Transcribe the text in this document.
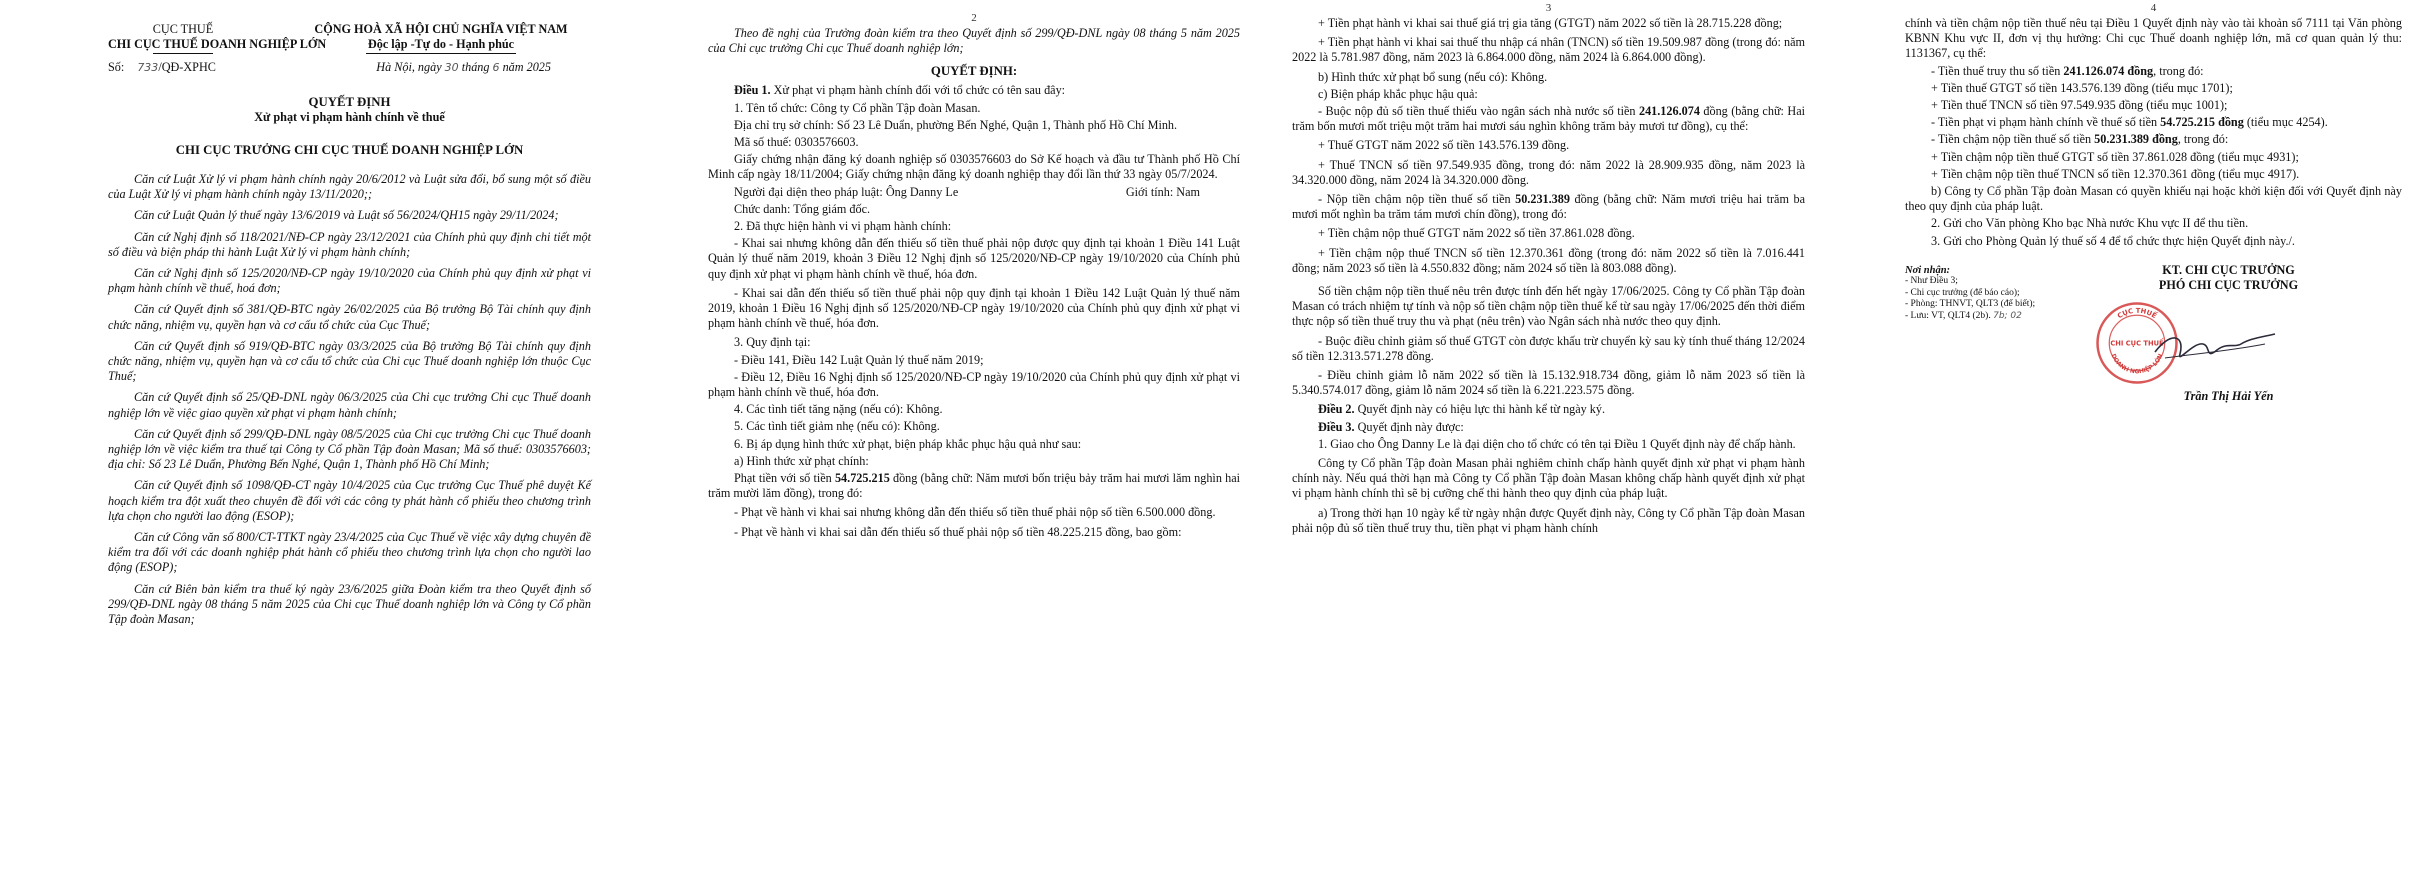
CỤC THUẾ
CHI CỤC THUẾ DOANH NGHIỆP LỚN
CỘNG HOÀ XÃ HỘI CHỦ NGHĨA VIỆT NAM
Độc lập -Tự do - Hạnh phúc
Số: 733/QĐ-XPHC	Hà Nội, ngày 30 tháng 6 năm 2025
QUYẾT ĐỊNH
Xử phạt vi phạm hành chính về thuế
CHI CỤC TRƯỞNG CHI CỤC THUẾ DOANH NGHIỆP LỚN

Căn cứ Luật Xử lý vi phạm hành chính ngày 20/6/2012 và Luật sửa đổi, bổ sung một số điều của Luật Xử lý vi phạm hành chính ngày 13/11/2020;;

Căn cứ Luật Quản lý thuế ngày 13/6/2019 và Luật số 56/2024/QH15 ngày 29/11/2024;

Căn cứ Nghị định số 118/2021/NĐ-CP ngày 23/12/2021 của Chính phủ quy định chi tiết một số điều và biện pháp thi hành Luật Xử lý vi phạm hành chính;

Căn cứ Nghị định số 125/2020/NĐ-CP ngày 19/10/2020 của Chính phủ quy định xử phạt vi phạm hành chính về thuế, hoá đơn;

Căn cứ Quyết định số 381/QĐ-BTC ngày 26/02/2025 của Bộ trưởng Bộ Tài chính quy định chức năng, nhiệm vụ, quyền hạn và cơ cấu tổ chức của Cục Thuế;

Căn cứ Quyết định số 919/QĐ-BTC ngày 03/3/2025 của Bộ trưởng Bộ Tài chính quy định chức năng, nhiệm vụ, quyền hạn và cơ cấu tổ chức của Chi cục Thuế doanh nghiệp lớn thuộc Cục Thuế;

Căn cứ Quyết định số 25/QĐ-DNL ngày 06/3/2025 của Chi cục trưởng Chi cục Thuế doanh nghiệp lớn về việc giao quyền xử phạt vi phạm hành chính;

Căn cứ Quyết định số 299/QĐ-DNL ngày 08/5/2025 của Chi cục trưởng Chi cục Thuế doanh nghiệp lớn về việc kiểm tra thuế tại Công ty Cổ phần Tập đoàn Masan; Mã số thuế: 0303576603; địa chỉ: Số 23 Lê Duẩn, Phường Bến Nghé, Quận 1, Thành phố Hồ Chí Minh;

Căn cứ Quyết định số 1098/QĐ-CT ngày 10/4/2025 của Cục trưởng Cục Thuế phê duyệt Kế hoạch kiểm tra đột xuất theo chuyên đề đối với các công ty phát hành cổ phiếu theo chương trình lựa chọn cho người lao động (ESOP);

Căn cứ Công văn số 800/CT-TTKT ngày 23/4/2025 của Cục Thuế về việc xây dựng chuyên đề kiểm tra đối với các doanh nghiệp phát hành cổ phiếu theo chương trình lựa chọn cho người lao động (ESOP);

Căn cứ Biên bản kiểm tra thuế ký ngày 23/6/2025 giữa Đoàn kiểm tra theo Quyết định số 299/QĐ-DNL ngày 08 tháng 5 năm 2025 của Chi cục Thuế doanh nghiệp lớn và Công ty Cổ phần Tập đoàn Masan;

2

Theo đề nghị của Trưởng đoàn kiểm tra theo Quyết định số 299/QĐ-DNL ngày 08 tháng 5 năm 2025 của Chi cục trưởng Chi cục Thuế doanh nghiệp lớn;

QUYẾT ĐỊNH:

Điều 1. Xử phạt vi phạm hành chính đối với tổ chức có tên sau đây:

1. Tên tổ chức: Công ty Cổ phần Tập đoàn Masan.

Địa chỉ trụ sở chính: Số 23 Lê Duẩn, phường Bến Nghé, Quận 1, Thành phố Hồ Chí Minh.

Mã số thuế: 0303576603.

Giấy chứng nhận đăng ký doanh nghiệp số 0303576603 do Sở Kế hoạch và đầu tư Thành phố Hồ Chí Minh cấp ngày 18/11/2004; Giấy chứng nhận đăng ký doanh nghiệp thay đổi lần thứ 33 ngày 05/7/2024.

Người đại diện theo pháp luật: Ông Danny Le	Giới tính: Nam

Chức danh: Tổng giám đốc.

2. Đã thực hiện hành vi vi phạm hành chính:

- Khai sai nhưng không dẫn đến thiếu số tiền thuế phải nộp được quy định tại khoản 1 Điều 141 Luật Quản lý thuế năm 2019, khoản 3 Điều 12 Nghị định số 125/2020/NĐ-CP ngày 19/10/2020 của Chính phủ quy định xử phạt vi phạm hành chính về thuế, hóa đơn.

- Khai sai dẫn đến thiếu số tiền thuế phải nộp quy định tại khoản 1 Điều 142 Luật Quản lý thuế năm 2019, khoản 1 Điều 16 Nghị định số 125/2020/NĐ-CP ngày 19/10/2020 của Chính phủ quy định xử phạt vi phạm hành chính về thuế, hóa đơn.

3. Quy định tại:

- Điều 141, Điều 142 Luật Quản lý thuế năm 2019;

- Điều 12, Điều 16 Nghị định số 125/2020/NĐ-CP ngày 19/10/2020 của Chính phủ quy định xử phạt vi phạm hành chính về thuế, hóa đơn.

4. Các tình tiết tăng nặng (nếu có): Không.

5. Các tình tiết giảm nhẹ (nếu có): Không.

6. Bị áp dụng hình thức xử phạt, biện pháp khắc phục hậu quả như sau:

a) Hình thức xử phạt chính:

Phạt tiền với số tiền 54.725.215 đồng (bằng chữ: Năm mươi bốn triệu bảy trăm hai mươi lăm nghìn hai trăm mười lăm đồng), trong đó:

- Phạt về hành vi khai sai nhưng không dẫn đến thiếu số tiền thuế phải nộp số tiền 6.500.000 đồng.

- Phạt về hành vi khai sai dẫn đến thiếu số thuế phải nộp số tiền 48.225.215 đồng, bao gồm:

3

+ Tiền phạt hành vi khai sai thuế giá trị gia tăng (GTGT) năm 2022 số tiền là 28.715.228 đồng;

+ Tiền phạt hành vi khai sai thuế thu nhập cá nhân (TNCN) số tiền 19.509.987 đồng (trong đó: năm 2022 là 5.781.987 đồng, năm 2023 là 6.864.000 đồng, năm 2024 là 6.864.000 đồng).

b) Hình thức xử phạt bổ sung (nếu có): Không.

c) Biện pháp khắc phục hậu quả:

- Buộc nộp đủ số tiền thuế thiếu vào ngân sách nhà nước số tiền 241.126.074 đồng (bằng chữ: Hai trăm bốn mươi mốt triệu một trăm hai mươi sáu nghìn không trăm bảy mươi tư đồng), cụ thể:

+ Thuế GTGT năm 2022 số tiền 143.576.139 đồng.

+ Thuế TNCN số tiền 97.549.935 đồng, trong đó: năm 2022 là 28.909.935 đồng, năm 2023 là 34.320.000 đồng, năm 2024 là 34.320.000 đồng.

- Nộp tiền chậm nộp tiền thuế số tiền 50.231.389 đồng (bằng chữ: Năm mươi triệu hai trăm ba mươi mốt nghìn ba trăm tám mươi chín đồng), trong đó:

+ Tiền chậm nộp thuế GTGT năm 2022 số tiền 37.861.028 đồng.

+ Tiền chậm nộp thuế TNCN số tiền 12.370.361 đồng (trong đó: năm 2022 số tiền là 7.016.441 đồng; năm 2023 số tiền là 4.550.832 đồng; năm 2024 số tiền là 803.088 đồng).

Số tiền chậm nộp tiền thuế nêu trên được tính đến hết ngày 17/06/2025. Công ty Cổ phần Tập đoàn Masan có trách nhiệm tự tính và nộp số tiền chậm nộp tiền thuế kể từ sau ngày 17/06/2025 đến thời điểm thực nộp số tiền thuế truy thu và phạt (nêu trên) vào Ngân sách nhà nước theo quy định.

- Buộc điều chỉnh giảm số thuế GTGT còn được khấu trừ chuyển kỳ sau kỳ tính thuế tháng 12/2024 số tiền 12.313.571.278 đồng.

- Điều chỉnh giảm lỗ năm 2022 số tiền là 15.132.918.734 đồng, giảm lỗ năm 2023 số tiền là 5.340.574.017 đồng, giảm lỗ năm 2024 số tiền là 6.221.223.575 đồng.

Điều 2. Quyết định này có hiệu lực thi hành kể từ ngày ký.

Điều 3. Quyết định này được:

1. Giao cho Ông Danny Le là đại diện cho tổ chức có tên tại Điều 1 Quyết định này để chấp hành.

Công ty Cổ phần Tập đoàn Masan phải nghiêm chỉnh chấp hành quyết định xử phạt vi phạm hành chính này. Nếu quá thời hạn mà Công ty Cổ phần Tập đoàn Masan không chấp hành quyết định xử phạt vi phạm hành chính thì sẽ bị cưỡng chế thi hành theo quy định của pháp luật.

a) Trong thời hạn 10 ngày kể từ ngày nhận được Quyết định này, Công ty Cổ phần Tập đoàn Masan phải nộp đủ số tiền thuế truy thu, tiền phạt vi phạm hành chính

4

chính và tiền chậm nộp tiền thuế nêu tại Điều 1 Quyết định này vào tài khoản số 7111 tại Văn phòng KBNN Khu vực II, đơn vị thụ hưởng: Chi cục Thuế doanh nghiệp lớn, mã cơ quan quản lý thu: 1131367, cụ thể:

- Tiền thuế truy thu số tiền 241.126.074 đồng, trong đó:

+ Tiền thuế GTGT số tiền 143.576.139 đồng (tiểu mục 1701);

+ Tiền thuế TNCN số tiền 97.549.935 đồng (tiểu mục 1001);

- Tiền phạt vi phạm hành chính về thuế số tiền 54.725.215 đồng (tiểu mục 4254).

- Tiền chậm nộp tiền thuế số tiền 50.231.389 đồng, trong đó:

+ Tiền chậm nộp tiền thuế GTGT số tiền 37.861.028 đồng (tiểu mục 4931);

+ Tiền chậm nộp tiền thuế TNCN số tiền 12.370.361 đồng (tiểu mục 4917).

b) Công ty Cổ phần Tập đoàn Masan có quyền khiếu nại hoặc khởi kiện đối với Quyết định này theo quy định của pháp luật.

2. Gửi cho Văn phòng Kho bạc Nhà nước Khu vực II để thu tiền.

3. Gửi cho Phòng Quản lý thuế số 4 để tổ chức thực hiện Quyết định này./.

Nơi nhận:
- Như Điều 3;
- Chi cục trưởng (để báo cáo);
- Phòng: THNVT, QLT3 (để biết);
- Lưu: VT, QLT4 (2b). 7b; 02
KT. CHI CỤC TRƯỞNG
PHÓ CHI CỤC TRƯỞNG
CỤC THUẾ
DOANH NGHIỆP LỚN
CHI CỤC THUẾ
Trần Thị Hải Yến
